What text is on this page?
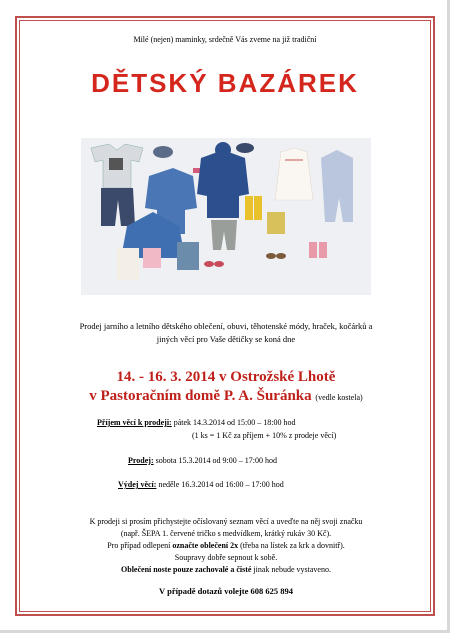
Milé (nejen) maminky, srdečně Vás zveme na již tradiční
DĚTSKÝ BAZÁREK
Prodej jarního a letního dětského oblečení, obuvi, těhotenské módy, hraček, kočárků a
jiných věcí pro Vaše dětičky se koná dne
14. - 16. 3. 2014 v Ostrožské Lhotě
v Pastoračním domě P. A. Šuránka (vedle kostela)
Příjem věcí k prodeji: pátek 14.3.2014 od 15:00 – 18:00 hod
(1 ks = 1 Kč za příjem + 10% z prodeje věcí)
Prodej: sobota 15.3.2014 od 9:00 – 17:00 hod
Výdej věcí: neděle 16.3.2014 od 16:00 – 17:00 hod
K prodeji si prosím přichystejte očíslovaný seznam věcí a uveďte na něj svoji značku
(např. ŠEPA 1. červené tričko s medvídkem, krátký rukáv 30 Kč).
Pro případ odlepení označte oblečení 2x (třeba na lístek za krk a dovnitř).
Soupravy dobře sepnout k sobě.
Oblečení noste pouze zachovalé a čisté jinak nebude vystaveno.
V případě dotazů volejte 608 625 894
